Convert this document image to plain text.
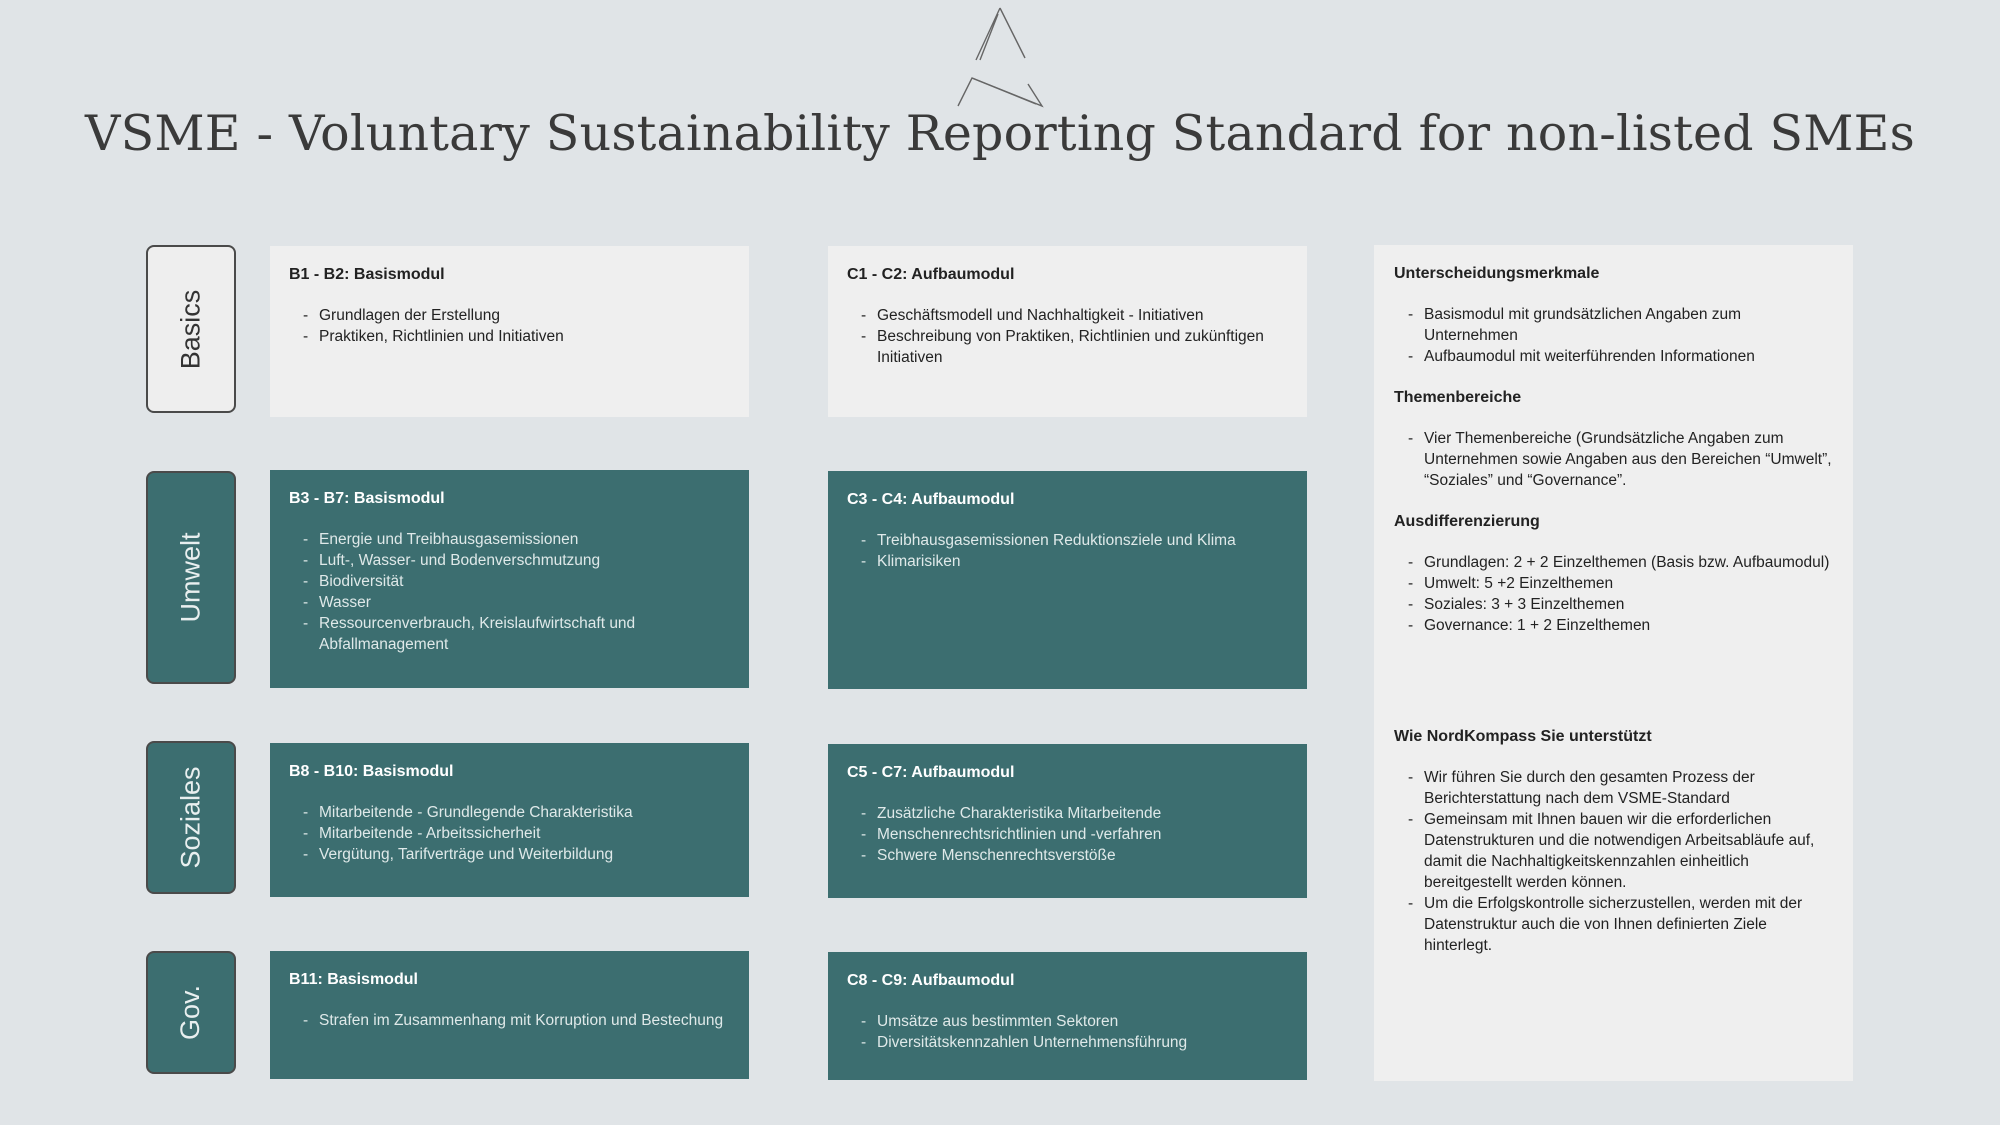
VSME - Voluntary Sustainability Reporting Standard for non-listed SMEs
Basics
Umwelt
Soziales
Gov.
B1 - B2: Basismodul
- Grundlagen der Erstellung
- Praktiken, Richtlinien und Initiativen
B3 - B7: Basismodul
- Energie und Treibhausgasemissionen
- Luft-, Wasser- und Bodenverschmutzung
- Biodiversität
- Wasser
- Ressourcenverbrauch, Kreislaufwirtschaft und Abfallmanagement
B8 - B10: Basismodul
- Mitarbeitende - Grundlegende Charakteristika
- Mitarbeitende - Arbeitssicherheit
- Vergütung, Tarifverträge und Weiterbildung
B11: Basismodul
- Strafen im Zusammenhang mit Korruption und Bestechung
C1 - C2: Aufbaumodul
- Geschäftsmodell und Nachhaltigkeit - Initiativen
- Beschreibung von Praktiken, Richtlinien und zukünftigen Initiativen
C3 - C4: Aufbaumodul
- Treibhausgasemissionen Reduktionsziele und Klima
- Klimarisiken
C5 - C7: Aufbaumodul
- Zusätzliche Charakteristika Mitarbeitende
- Menschenrechtsrichtlinien und -verfahren
- Schwere Menschenrechtsverstöße
C8 - C9: Aufbaumodul
- Umsätze aus bestimmten Sektoren
- Diversitätskennzahlen Unternehmensführung
Unterscheidungsmerkmale
- Basismodul mit grundsätzlichen Angaben zum Unternehmen
- Aufbaumodul mit weiterführenden Informationen
Themenbereiche
- Vier Themenbereiche (Grundsätzliche Angaben zum Unternehmen sowie Angaben aus den Bereichen “Umwelt”, “Soziales” und “Governance”.
Ausdifferenzierung
- Grundlagen: 2 + 2 Einzelthemen (Basis bzw. Aufbaumodul)
- Umwelt: 5 +2 Einzelthemen
- Soziales: 3 + 3 Einzelthemen
- Governance: 1 + 2 Einzelthemen
Wie NordKompass Sie unterstützt
- Wir führen Sie durch den gesamten Prozess der Berichterstattung nach dem VSME-Standard
- Gemeinsam mit Ihnen bauen wir die erforderlichen Datenstrukturen und die notwendigen Arbeitsabläufe auf, damit die Nachhaltigkeitskennzahlen einheitlich bereitgestellt werden können.
- Um die Erfolgskontrolle sicherzustellen, werden mit der Datenstruktur auch die von Ihnen definierten Ziele hinterlegt.
